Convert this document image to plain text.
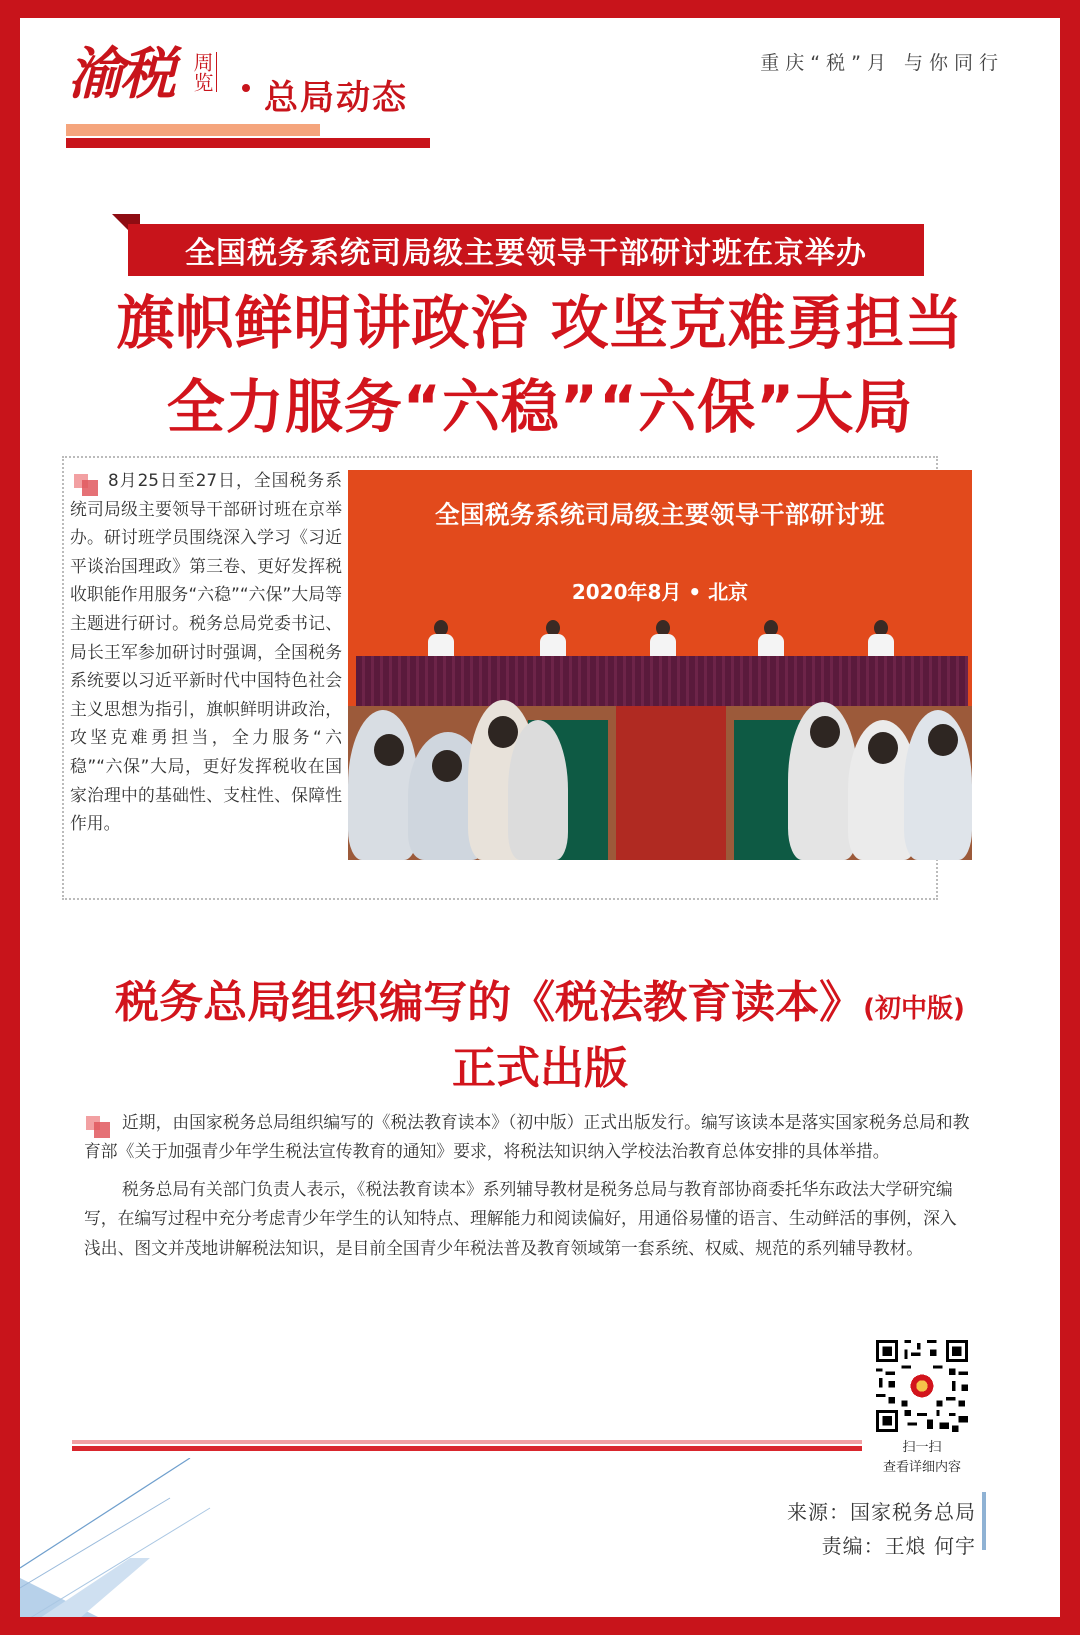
渝税 周览
总局动态
重庆“税”月 与你同行
全国税务系统司局级主要领导干部研讨班在京举办
旗帜鲜明讲政治 攻坚克难勇担当
全力服务“六稳”“六保”大局
8月25日至27日，全国税务系统司局级主要领导干部研讨班在京举办。研讨班学员围绕深入学习《习近平谈治国理政》第三卷、更好发挥税收职能作用服务“六稳”“六保”大局等主题进行研讨。税务总局党委书记、局长王军参加研讨时强调，全国税务系统要以习近平新时代中国特色社会主义思想为指引，旗帜鲜明讲政治，攻坚克难勇担当，全力服务“六稳”“六保”大局，更好发挥税收在国家治理中的基础性、支柱性、保障性作用。
全国税务系统司局级主要领导干部研讨班
2020年8月 • 北京
税务总局组织编写的《税法教育读本》(初中版)
正式出版

近期，由国家税务总局组织编写的《税法教育读本》（初中版）正式出版发行。编写该读本是落实国家税务总局和教育部《关于加强青少年学生税法宣传教育的通知》要求，将税法知识纳入学校法治教育总体安排的具体举措。

税务总局有关部门负责人表示，《税法教育读本》系列辅导教材是税务总局与教育部协商委托华东政法大学研究编写，在编写过程中充分考虑青少年学生的认知特点、理解能力和阅读偏好，用通俗易懂的语言、生动鲜活的事例，深入浅出、图文并茂地讲解税法知识，是目前全国青少年税法普及教育领域第一套系统、权威、规范的系列辅导教材。

扫一扫
查看详细内容
来源：国家税务总局
责编：王烺 何宇
